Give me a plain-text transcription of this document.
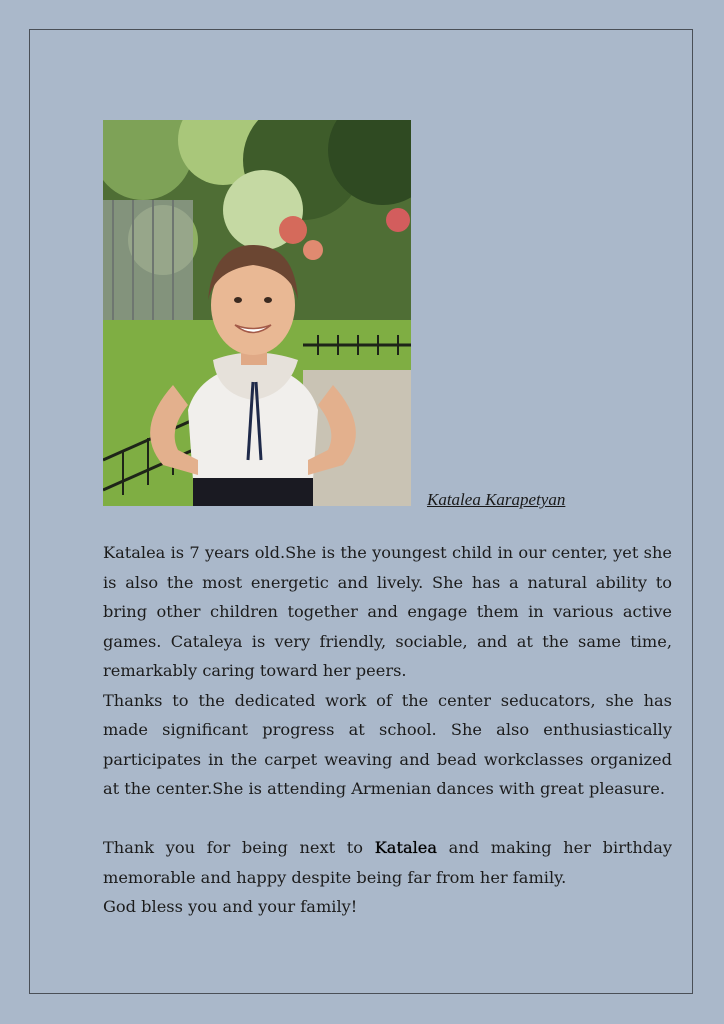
Katalea Karapetyan

Katalea is 7 years old.She is the youngest child in our center, yet she is also the most energetic and lively. She has a natural ability to bring other children together and engage them in various active games. Cataleya is very friendly, sociable, and at the same time, remarkably caring toward her peers.

Thanks to the dedicated work of the center seducators, she has made significant progress at school. She also enthusiastically participates in the carpet weaving and bead workclasses organized at the center.She is attending Armenian dances with great pleasure.

Thank you for being next to Katalea and making her birthday memorable and happy despite being far from her family.

God bless you and your family!
